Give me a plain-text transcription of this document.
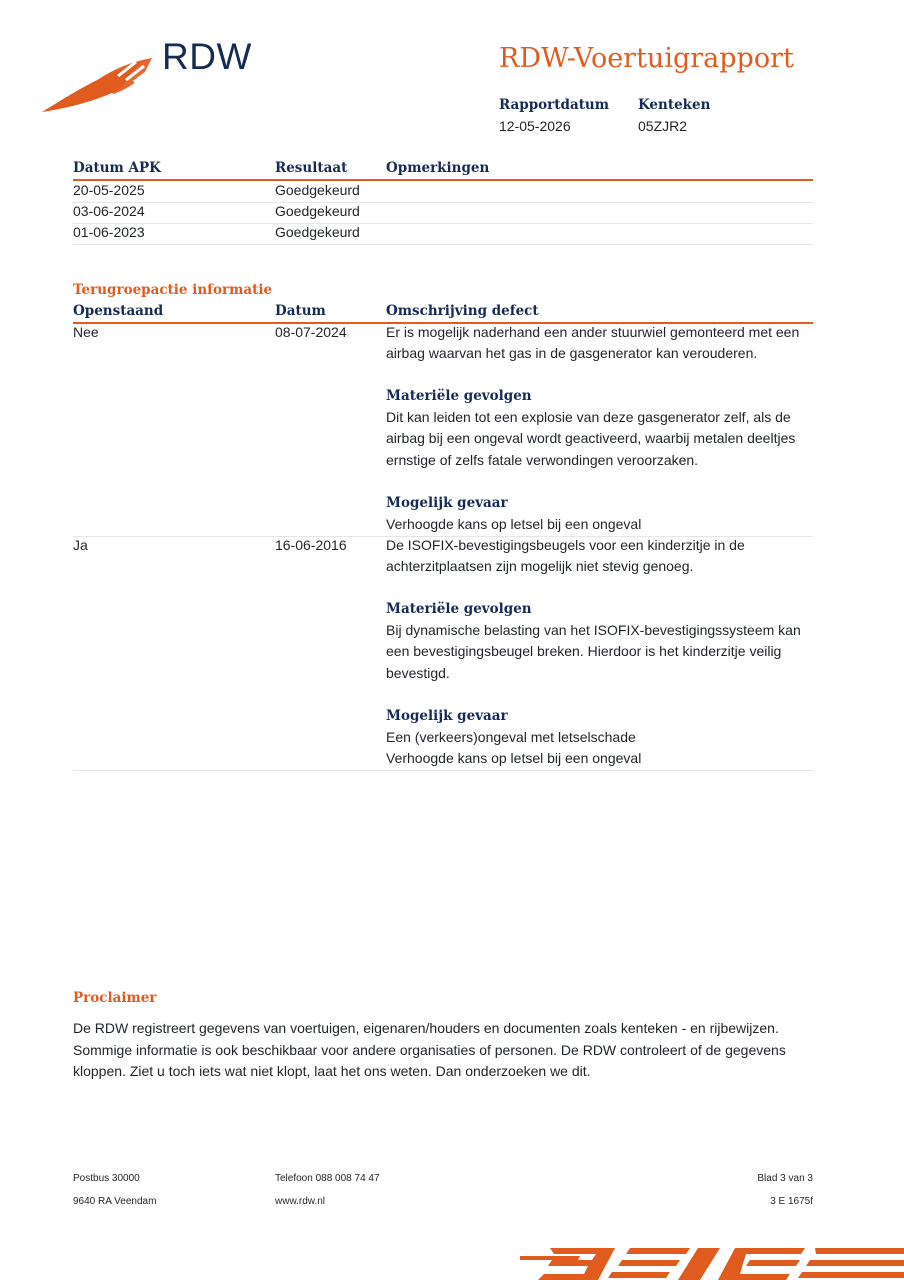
RDW	RDW-Voertuigrapport
Rapportdatum
12-05-2026
Kenteken
05ZJR2
Datum APK	Resultaat	Opmerkingen
20-05-2025	Goedgekeurd
03-06-2024	Goedgekeurd
01-06-2023	Goedgekeurd
Terugroepactie informatie
Openstaand	Datum	Omschrijving defect
Nee	08-07-2024	Er is mogelijk naderhand een ander stuurwiel gemonteerd met een
airbag waarvan het gas in de gasgenerator kan verouderen.
Materiële gevolgen
Dit kan leiden tot een explosie van deze gasgenerator zelf, als de
airbag bij een ongeval wordt geactiveerd, waarbij metalen deeltjes
ernstige of zelfs fatale verwondingen veroorzaken.
Mogelijk gevaar
Verhoogde kans op letsel bij een ongeval
Ja	16-06-2016	De ISOFIX-bevestigingsbeugels voor een kinderzitje in de
achterzitplaatsen zijn mogelijk niet stevig genoeg.
Materiële gevolgen
Bij dynamische belasting van het ISOFIX-bevestigingssysteem kan
een bevestigingsbeugel breken. Hierdoor is het kinderzitje veilig
bevestigd.
Mogelijk gevaar
Een (verkeers)ongeval met letselschade
Verhoogde kans op letsel bij een ongeval
Proclaimer
De RDW registreert gegevens van voertuigen, eigenaren/houders en documenten zoals kenteken - en rijbewijzen. Sommige informatie is ook beschikbaar voor andere organisaties of personen. De RDW controleert of de gegevens kloppen. Ziet u toch iets wat niet klopt, laat het ons weten. Dan onderzoeken we dit.
Postbus 30000
9640 RA Veendam
Telefoon 088 008 74 47
www.rdw.nl
Blad 3 van 3
3 E 1675f
